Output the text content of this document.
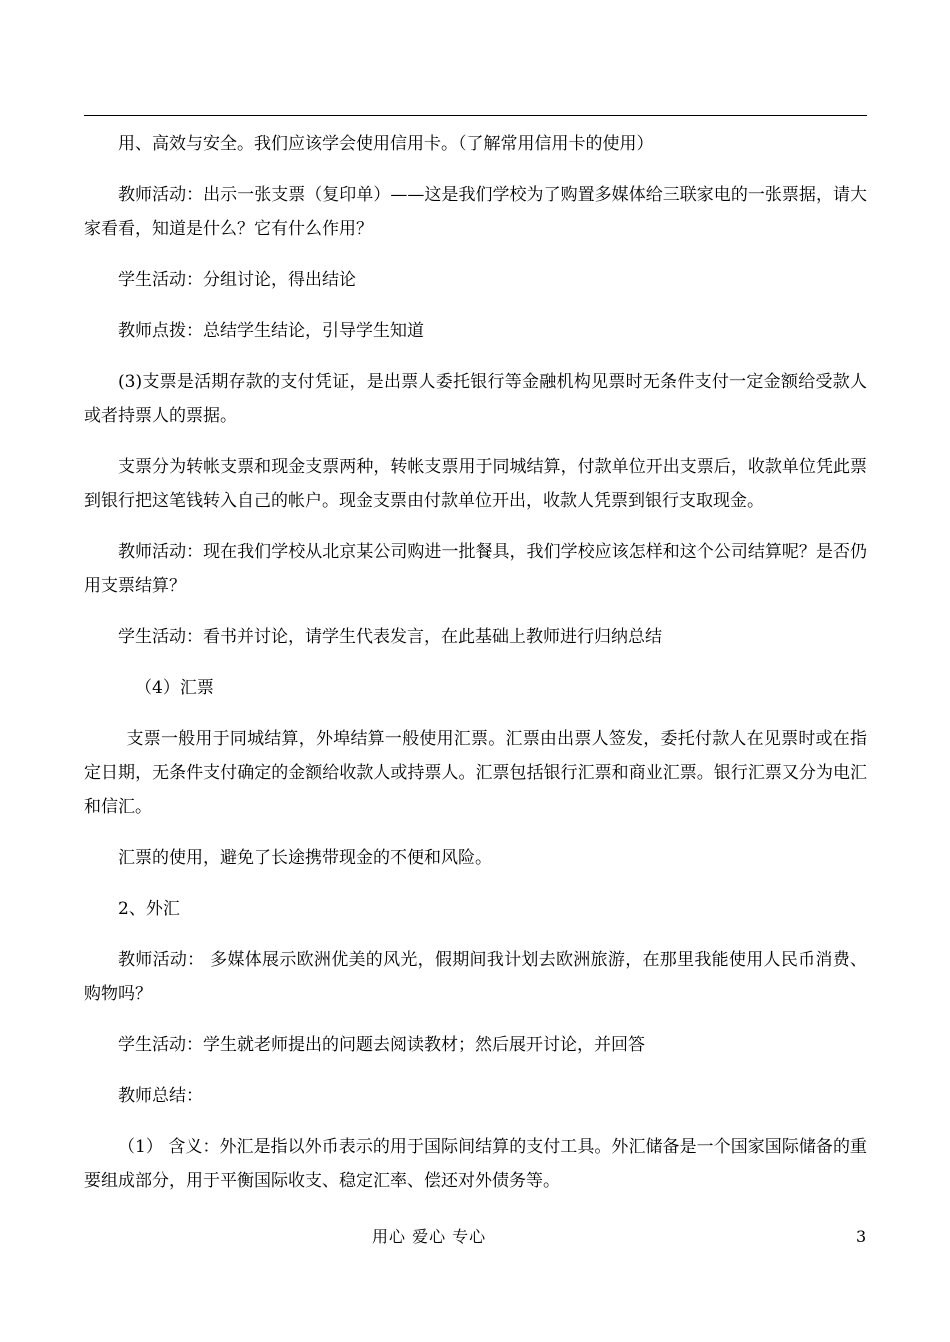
用、高效与安全。我们应该学会使用信用卡。（了解常用信用卡的使用）

教师活动：出示一张支票（复印单）——这是我们学校为了购置多媒体给三联家电的一张票据，请大家看看，知道是什么？它有什么作用？

学生活动：分组讨论，得出结论

教师点拨：总结学生结论，引导学生知道

(3)支票是活期存款的支付凭证，是出票人委托银行等金融机构见票时无条件支付一定金额给受款人或者持票人的票据。

支票分为转帐支票和现金支票两种，转帐支票用于同城结算，付款单位开出支票后，收款单位凭此票到银行把这笔钱转入自己的帐户。现金支票由付款单位开出，收款人凭票到银行支取现金。

教师活动：现在我们学校从北京某公司购进一批餐具，我们学校应该怎样和这个公司结算呢？是否仍用支票结算？

学生活动：看书并讨论，请学生代表发言，在此基础上教师进行归纳总结

（4）汇票

支票一般用于同城结算，外埠结算一般使用汇票。汇票由出票人签发，委托付款人在见票时或在指定日期，无条件支付确定的金额给收款人或持票人。汇票包括银行汇票和商业汇票。银行汇票又分为电汇和信汇。

汇票的使用，避免了长途携带现金的不便和风险。

2、外汇

教师活动： 多媒体展示欧洲优美的风光，假期间我计划去欧洲旅游，在那里我能使用人民币消费、购物吗？

学生活动：学生就老师提出的问题去阅读教材；然后展开讨论，并回答

教师总结：

（1） 含义：外汇是指以外币表示的用于国际间结算的支付工具。外汇储备是一个国家国际储备的重要组成部分，用于平衡国际收支、稳定汇率、偿还对外债务等。

用心 爱心 专心	3
